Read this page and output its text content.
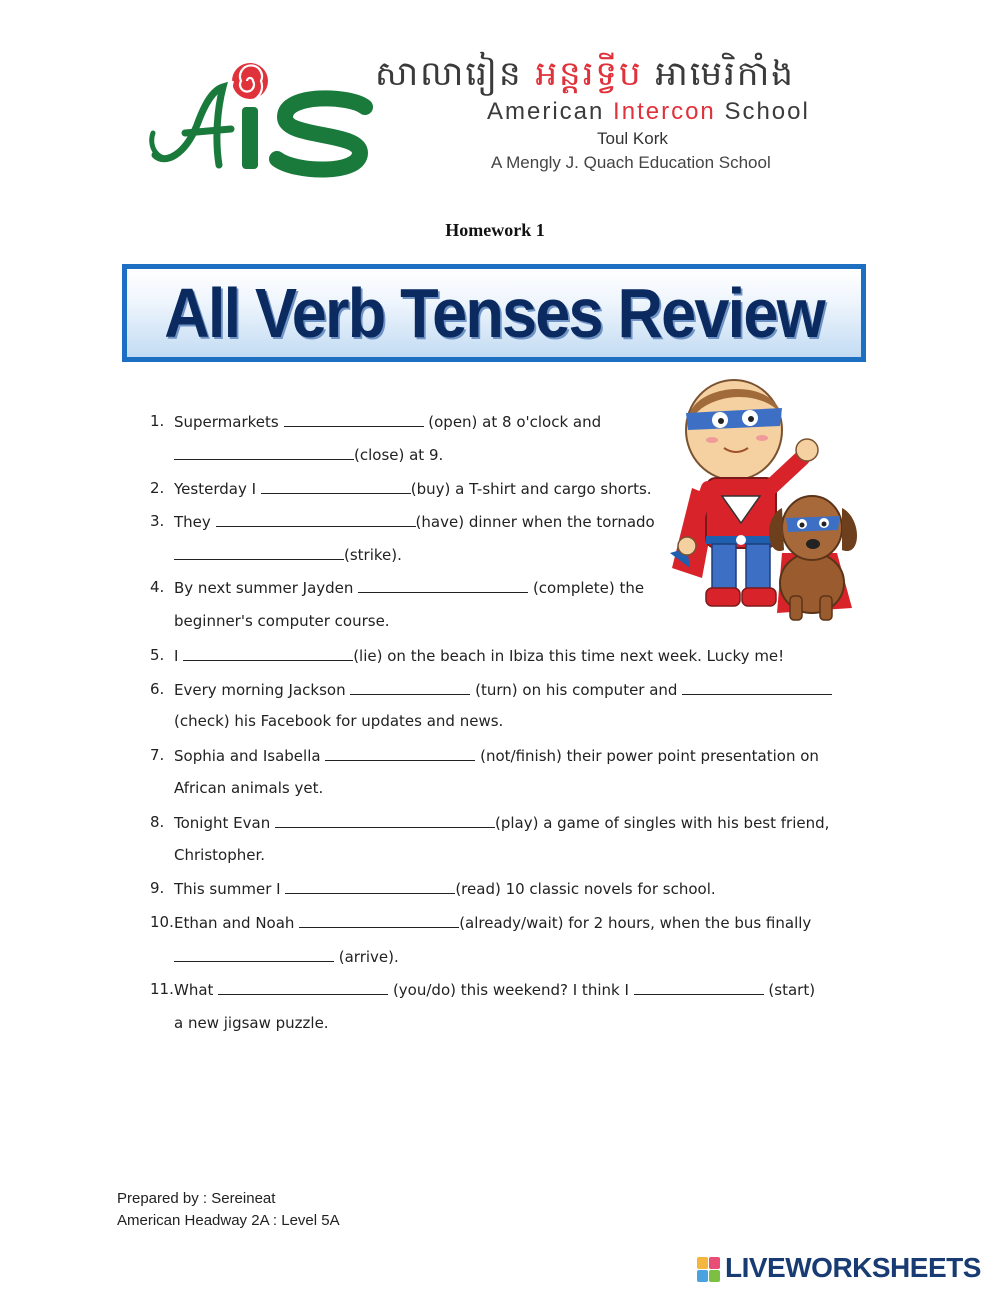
សាលារៀន អន្តរទ្វីប អាមេរិកាំង
American Intercon School
Toul Kork
A Mengly J. Quach Education School
Homework 1
All Verb Tenses Review
1. Supermarkets	(open) at 8 o'clock and
(close) at 9.
2. Yesterday I	(buy) a T-shirt and cargo shorts.
3. They	(have) dinner when the tornado
(strike).
4. By next summer Jayden	(complete) the
beginner's computer course.
5. I	(lie) on the beach in Ibiza this time next week. Lucky me!
6. Every morning Jackson	(turn) on his computer and
(check) his Facebook for updates and news.
7. Sophia and Isabella	(not/finish) their power point presentation on
African animals yet.
8. Tonight Evan	(play) a game of singles with his best friend,
Christopher.
9. This summer I	(read) 10 classic novels for school.
10. Ethan and Noah	(already/wait) for 2 hours, when the bus finally
(arrive).
11. What	(you/do) this weekend? I think I	(start)
a new jigsaw puzzle.
Prepared by : Sereineat
American Headway 2A : Level 5A
LIVEWORKSHEETS
